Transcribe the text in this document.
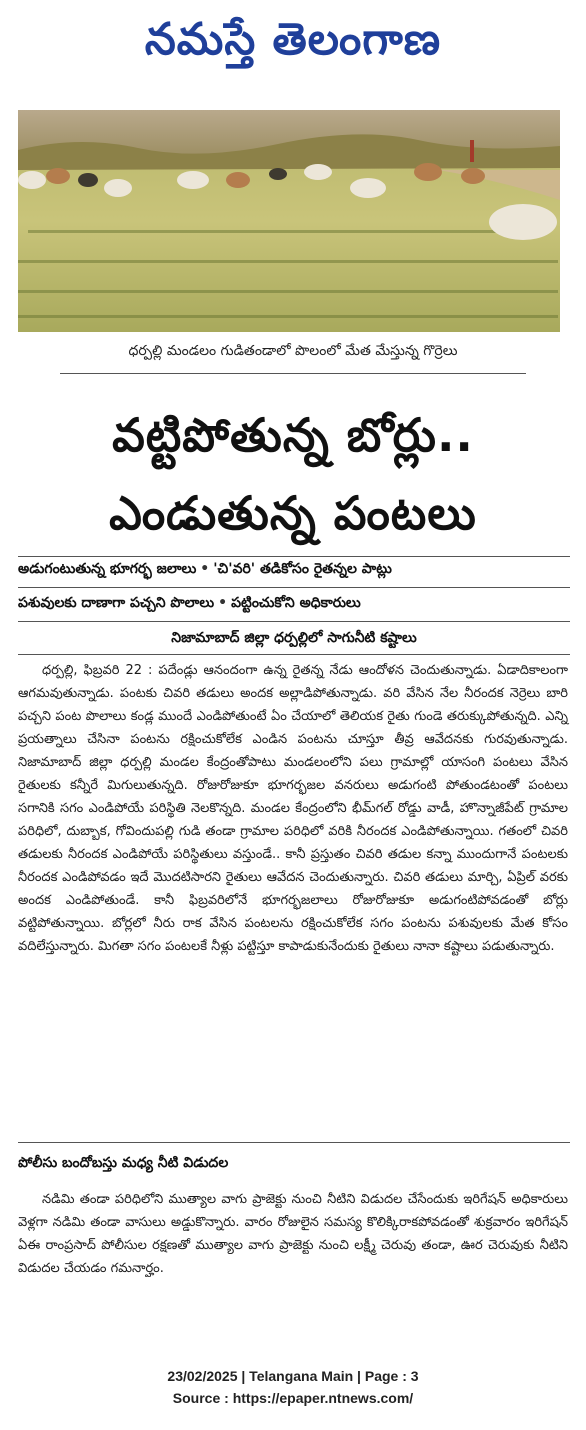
నమస్తే తెలంగాణ
ధర్పల్లి మండలం గుడితండాలో పొలంలో మేత మేస్తున్న గొర్రెలు
వట్టిపోతున్న బోర్లు..
ఎండుతున్న పంటలు
అడుగంటుతున్న భూగర్భ జలాలు • 'చి'వరి' తడికోసం రైతన్నల పాట్లు
పశువులకు దాణాగా పచ్చని పొలాలు • పట్టించుకోని అధికారులు
నిజామాబాద్ జిల్లా ధర్పల్లిలో సాగునీటి కష్టాలు

ధర్పల్లి, ఫిబ్రవరి 22 : పదేండ్లు ఆనందంగా ఉన్న రైతన్న నేడు ఆందోళన చెందుతున్నాడు. ఏడాదికాలంగా ఆగమవుతున్నాడు. పంటకు చివరి తడులు అందక అల్లాడిపోతున్నాడు. వరి వేసిన నేల నీరందక నెర్రెలు బారి పచ్చని పంట పొలాలు కండ్ల ముందే ఎండిపోతుంటే ఏం చేయాలో తెలియక రైతు గుండె తరుక్కుపోతున్నది. ఎన్ని ప్రయత్నాలు చేసినా పంటను రక్షించుకోలేక ఎండిన పంటను చూస్తూ తీవ్ర ఆవేదనకు గురవుతున్నాడు. నిజామాబాద్ జిల్లా ధర్పల్లి మండల కేంద్రంతోపాటు మండలంలోని పలు గ్రామాల్లో యాసంగి పంటలు వేసిన రైతులకు కన్నీరే మిగులుతున్నది. రోజురోజుకూ భూగర్భజల వనరులు అడుగంటి పోతుండటంతో పంటలు సగానికి సగం ఎండిపోయే పరిస్థితి నెలకొన్నది. మండల కేంద్రంలోని భీమ్‌గల్ రోడ్డు వాడీ, హొన్నాజీపేట్ గ్రామాల పరిధిలో, దుబ్బాక, గోవిందుపల్లి గుడి తండా గ్రామాల పరిధిలో వరికి నీరందక ఎండిపోతున్నాయి. గతంలో చివరి తడులకు నీరందక ఎండిపోయే పరిస్థితులు వస్తుండే.. కానీ ప్రస్తుతం చివరి తడుల కన్నా ముందుగానే పంటలకు నీరందక ఎండిపోవడం ఇదే మొదటిసారని రైతులు ఆవేదన చెందుతున్నారు. చివరి తడులు మార్చి, ఏప్రిల్ వరకు అందక ఎండిపోతుండే. కానీ ఫిబ్రవరిలోనే భూగర్భజలాలు రోజురోజుకూ అడుగంటిపోవడంతో బోర్లు వట్టిపోతున్నాయి. బోర్లలో నీరు రాక వేసిన పంటలను రక్షించుకోలేక సగం పంటను పశువులకు మేత కోసం వదిలేస్తున్నారు. మిగతా సగం పంటలకే నీళ్లు పట్టిస్తూ కాపాడుకునేందుకు రైతులు నానా కష్టాలు పడుతున్నారు.

పోలీసు బందోబస్తు మధ్య నీటి విడుదల

నడిమి తండా పరిధిలోని ముత్యాల వాగు ప్రాజెక్టు నుంచి నీటిని విడుదల చేసేందుకు ఇరిగేషన్ అధికారులు వెళ్లగా నడిమి తండా వాసులు అడ్డుకొన్నారు. వారం రోజులైన సమస్య కొలిక్కిరాకపోవడంతో శుక్రవారం ఇరిగేషన్ ఏఈ రాంప్రసాద్ పోలీసుల రక్షణతో ముత్యాల వాగు ప్రాజెక్టు నుంచి లక్ష్మీ చెరువు తండా, ఊర చెరువుకు నీటిని విడుదల చేయడం గమనార్హం.

23/02/2025 | Telangana Main | Page : 3
Source : https://epaper.ntnews.com/
